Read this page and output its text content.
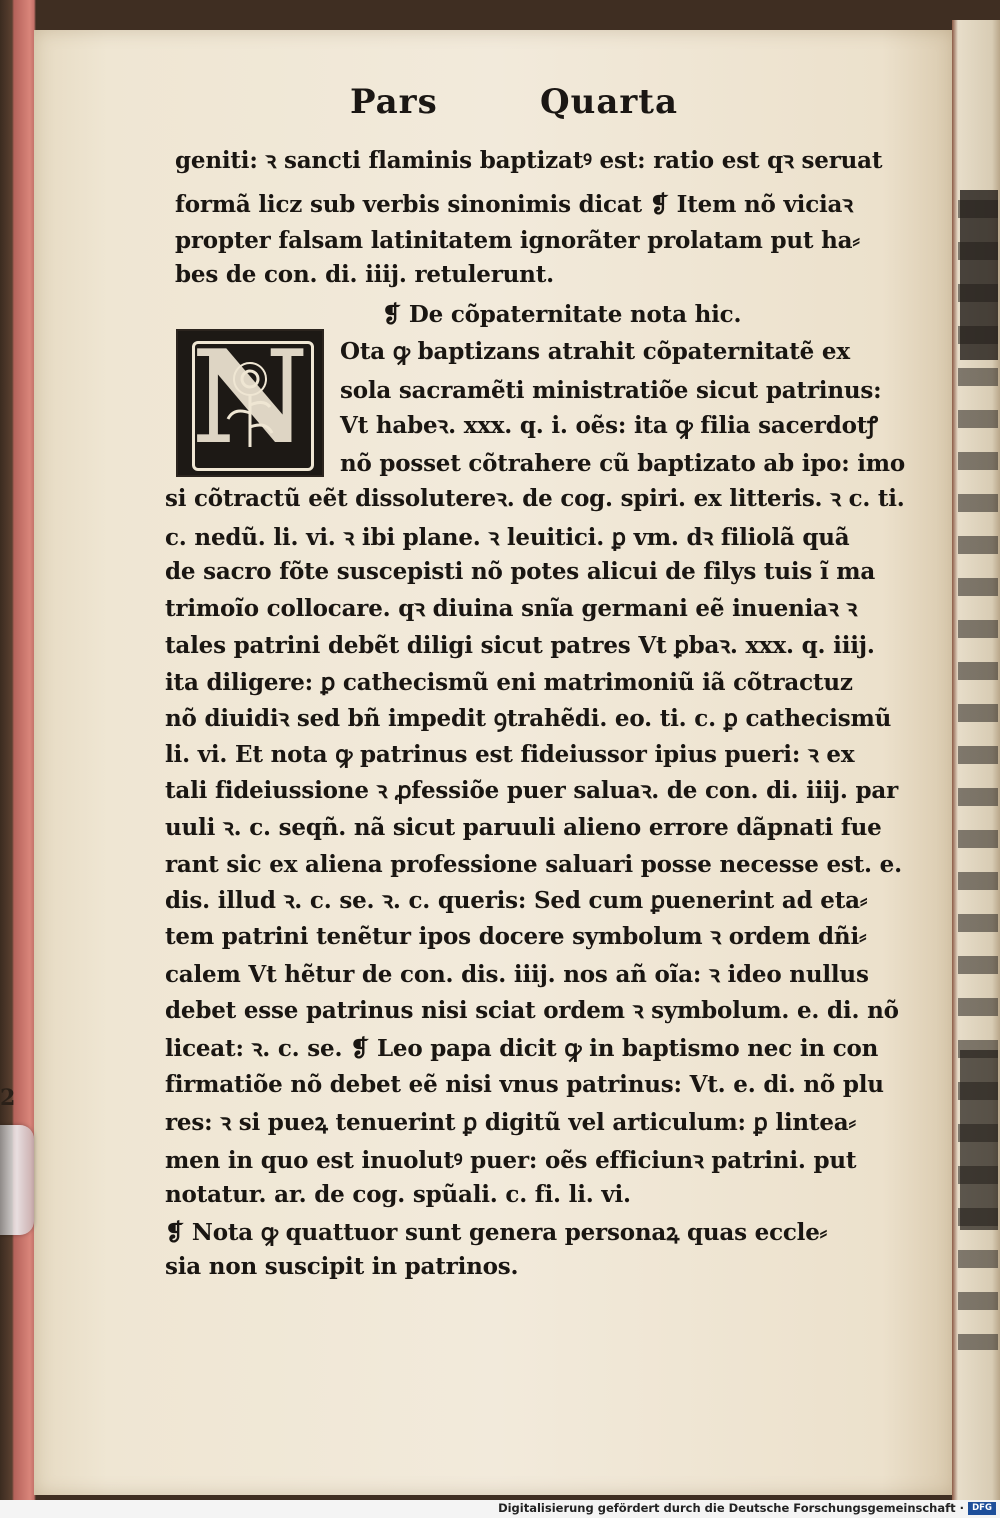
Pars	Quarta
N
geniti: ꝛ sancti flaminis baptizatꝰ est: ratio est qꝛ seruat
formã licz sub verbis sinonimis dicat ❡ Item nõ viciaꝛ
propter falsam latinitatem ignorãter prolatam put ha⸗
bes de con. di. iiij. retulerunt.
❡ De cõpaternitate nota hic.
Ota ꝙ baptizans atrahit cõpaternitatẽ ex
sola sacramẽti ministratiõe sicut patrinus:
Vt habeꝛ. xxx. q. i. oẽs: ita ꝙ filia sacerdotꝭ
nõ posset cõtrahere cũ baptizato ab ipo: imo
si cõtractũ eẽt dissolutereꝛ. de cog. spiri. ex litteris. ꝛ c. ti.
c. nedũ. li. vi. ꝛ ibi plane. ꝛ leuitici. ꝑ vm. dꝛ filiolã quã
de sacro fõte suscepisti nõ potes alicui de filys tuis ĩ ma
trimoĩo collocare. qꝛ diuina snĩa germani eẽ inueniaꝛ ꝛ
tales patrini debẽt diligi sicut patres Vt ꝑbaꝛ. xxx. q. iiij.
ita diligere: ꝑ cathecismũ eni matrimoniũ iã cõtractuz
nõ diuidiꝛ sed bñ impedit ꝯtrahẽdi. eo. ti. c. ꝑ cathecismũ
li. vi. Et nota ꝙ patrinus est fideiussor ipius pueri: ꝛ ex
tali fideiussione ꝛ ꝓfessiõe puer saluaꝛ. de con. di. iiij. par
uuli ꝛ. c. seqñ. nã sicut paruuli alieno errore dãpnati fue
rant sic ex aliena professione saluari posse necesse est. e.
dis. illud ꝛ. c. se. ꝛ. c. queris: Sed cum ꝑuenerint ad eta⸗
tem patrini tenẽtur ipos docere symbolum ꝛ ordem dñi⸗
calem Vt hẽtur de con. dis. iiij. nos añ oĩa: ꝛ ideo nullus
debet esse patrinus nisi sciat ordem ꝛ symbolum. e. di. nõ
liceat: ꝛ. c. se. ❡ Leo papa dicit ꝙ in baptismo nec in con
firmatiõe nõ debet eẽ nisi vnus patrinus: Vt. e. di. nõ plu
res: ꝛ si pueꝝ tenuerint ꝑ digitũ vel articulum: ꝑ lintea⸗
men in quo est inuolutꝰ puer: oẽs efficiunꝛ patrini. put
notatur. ar. de cog. spũali. c. fi. li. vi.
❡ Nota ꝙ quattuor sunt genera personaꝝ quas eccle⸗
sia non suscipit in patrinos.
2
Digitalisierung gefördert durch die Deutsche Forschungsgemeinschaft · DFG
